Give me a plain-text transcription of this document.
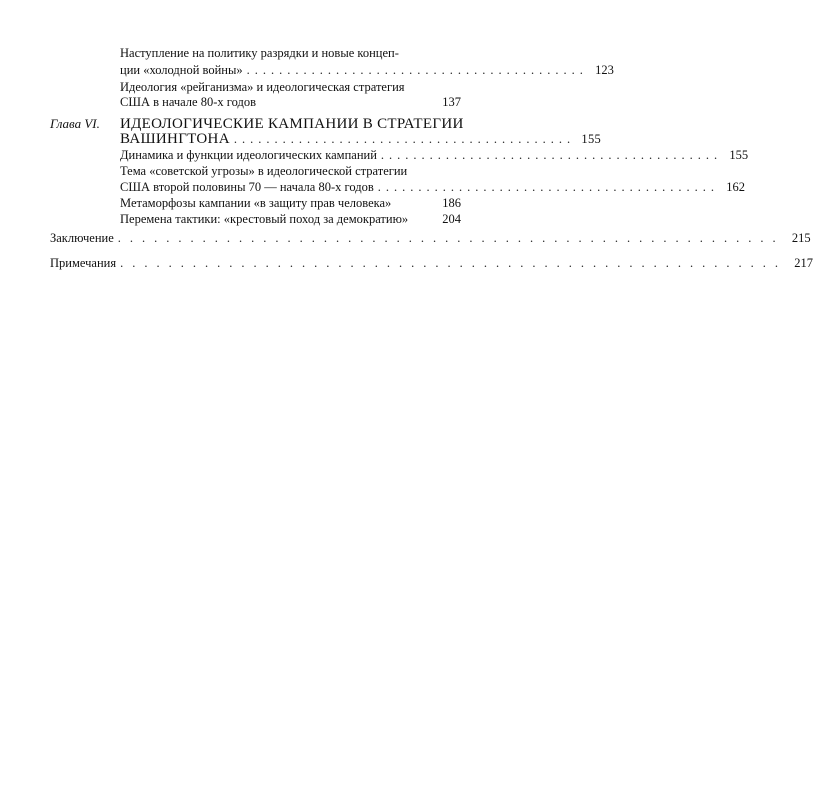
Наступление на политику разрядки и новые концеп-
ции «холодной войны» .......................................... 123
Идеология «рейганизма» и идеологическая стратегия
США в начале 80-х годов	137
Глава VI. ИДЕОЛОГИЧЕСКИЕ КАМПАНИИ В СТРАТЕГИИ
ВАШИНГТОНА .......................................... 155
Динамика и функции идеологических кампаний .......................................... 155
Тема «советской угрозы» в идеологической стратегии
США второй половины 70 — начала 80-х годов .......................................... 162
Метаморфозы кампании «в защиту прав человека»	186
Перемена тактики: «крестовый поход за демократию»	204
Заключение ....................................................... 215
Примечания ....................................................... 217
